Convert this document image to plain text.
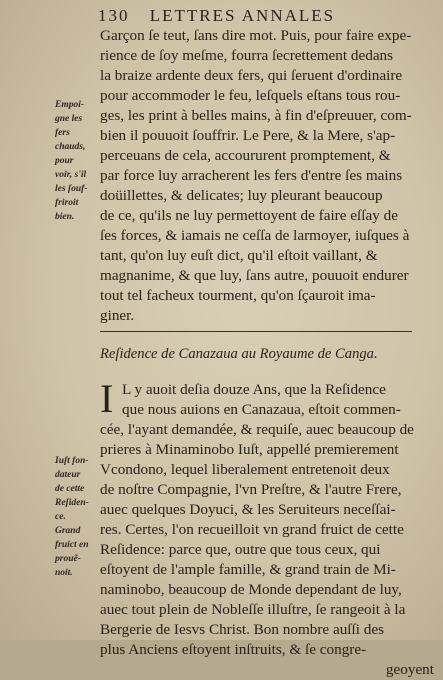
130 LETTRES ANNALES
Garçon ſe teut, ſans dire mot. Puis, pour faire expe-
rience de ſoy meſme, fourra ſecrettement dedans
la braize ardente deux fers, qui ſeruent d'ordinaire
pour accommoder le feu, leſquels eſtans tous rou-
ges, les print à belles mains, à fin d'eſpreuuer, com-
bien il pouuoit ſouffrir. Le Pere, & la Mere, s'ap-
perceuans de cela, accoururent promptement, &
par force luy arracherent les fers d'entre ſes mains
doüillettes, & delicates; luy pleurant beaucoup
de ce, qu'ils ne luy permettoyent de faire eſſay de
ſes forces, & iamais ne ceſſa de larmoyer, iuſques à
tant, qu'on luy euſt dict, qu'il eſtoit vaillant, &
magnanime, & que luy, ſans autre, pouuoit endurer
tout tel facheux tourment, qu'on ſçauroit ima-
giner.
Empoi-
gne les
fers
chauds,
pour
voir, s'il
les ſouf-
friroit
bien.
Reſidence de Canazaua au Royaume de Canga.
I L y auoit deſia douze Ans, que la Reſidence
que nous auions en Canazaua, eſtoit commen-
cée, l'ayant demandée, & requiſe, auec beaucoup de
prieres à Minaminobo Iuſt, appellé premierement
Vcondono, lequel liberalement entretenoit deux
de noſtre Compagnie, l'vn Preſtre, & l'autre Frere,
auec quelques Doyuci, & les Seruiteurs neceſſai-
res. Certes, l'on recueilloit vn grand fruict de cette
Reſidence: parce que, outre que tous ceux, qui
eſtoyent de l'ample famille, & grand train de Mi-
naminobo, beaucoup de Monde dependant de luy,
auec tout plein de Nobleſſe illuſtre, ſe rangeoit à la
Bergerie de Iesvs Christ. Bon nombre auſſi des
plus Anciens eſtoyent inſtruits, & ſe congre-
geoyent
Iuſt fon-
dateur
de cette
Reſiden-
ce.
Grand
fruict en
prouẽ-
noit.
